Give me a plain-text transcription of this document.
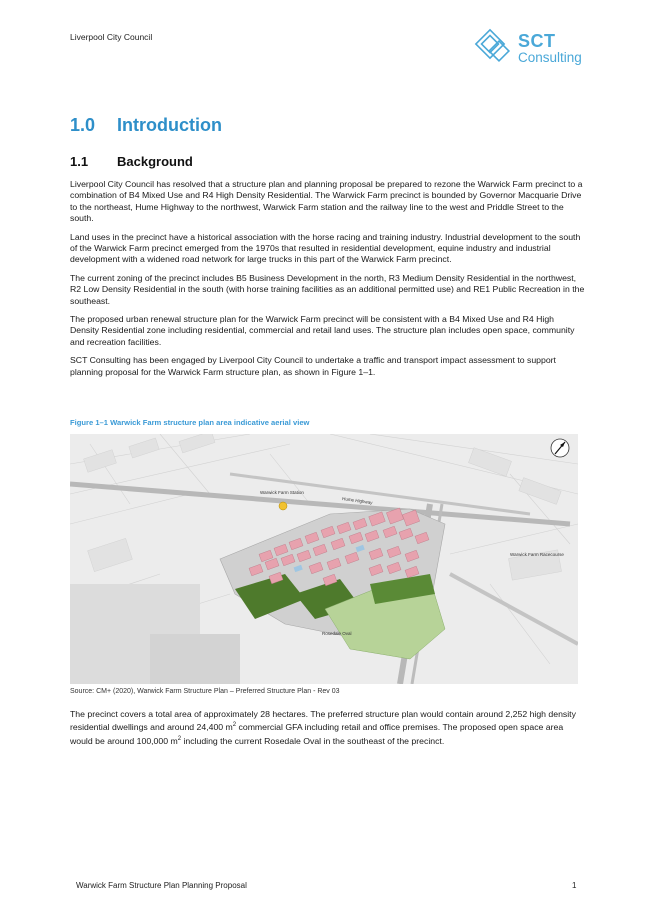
Liverpool City Council	SCT
Consulting
1.0 Introduction
1.1 Background

Liverpool City Council has resolved that a structure plan and planning proposal be prepared to rezone the Warwick Farm precinct to a combination of B4 Mixed Use and R4 High Density Residential. The Warwick Farm precinct is bounded by Governor Macquarie Drive to the northeast, Hume Highway to the northwest, Warwick Farm station and the railway line to the west and Priddle Street to the south.

Land uses in the precinct have a historical association with the horse racing and training industry. Industrial development to the south of the Warwick Farm precinct emerged from the 1970s that resulted in residential development, equine industry and industrial development with a widened road network for large trucks in this part of the Warwick Farm precinct.

The current zoning of the precinct includes B5 Business Development in the north, R3 Medium Density Residential in the northwest, R2 Low Density Residential in the south (with horse training facilities as an additional permitted use) and RE1 Public Recreation in the southeast.

The proposed urban renewal structure plan for the Warwick Farm precinct will be consistent with a B4 Mixed Use and R4 High Density Residential zone including residential, commercial and retail land uses. The structure plan includes open space, community and recreation facilities.

SCT Consulting has been engaged by Liverpool City Council to undertake a traffic and transport impact assessment to support planning proposal for the Warwick Farm structure plan, as shown in Figure 1–1.

Figure 1–1 Warwick Farm structure plan area indicative aerial view
Warwick Farm Station
Hume Highway
Warwick Farm Racecourse
Rosedale Oval
Source: CM+ (2020), Warwick Farm Structure Plan – Preferred Structure Plan - Rev 03

The precinct covers a total area of approximately 28 hectares. The preferred structure plan would contain around 2,252 high density residential dwellings and around 24,400 $m^2$ commercial GFA including retail and office premises. The proposed open space area would be around 100,000 $m^2$ including the current Rosedale Oval in the southeast of the precinct.

Warwick Farm Structure Plan Planning Proposal	1
